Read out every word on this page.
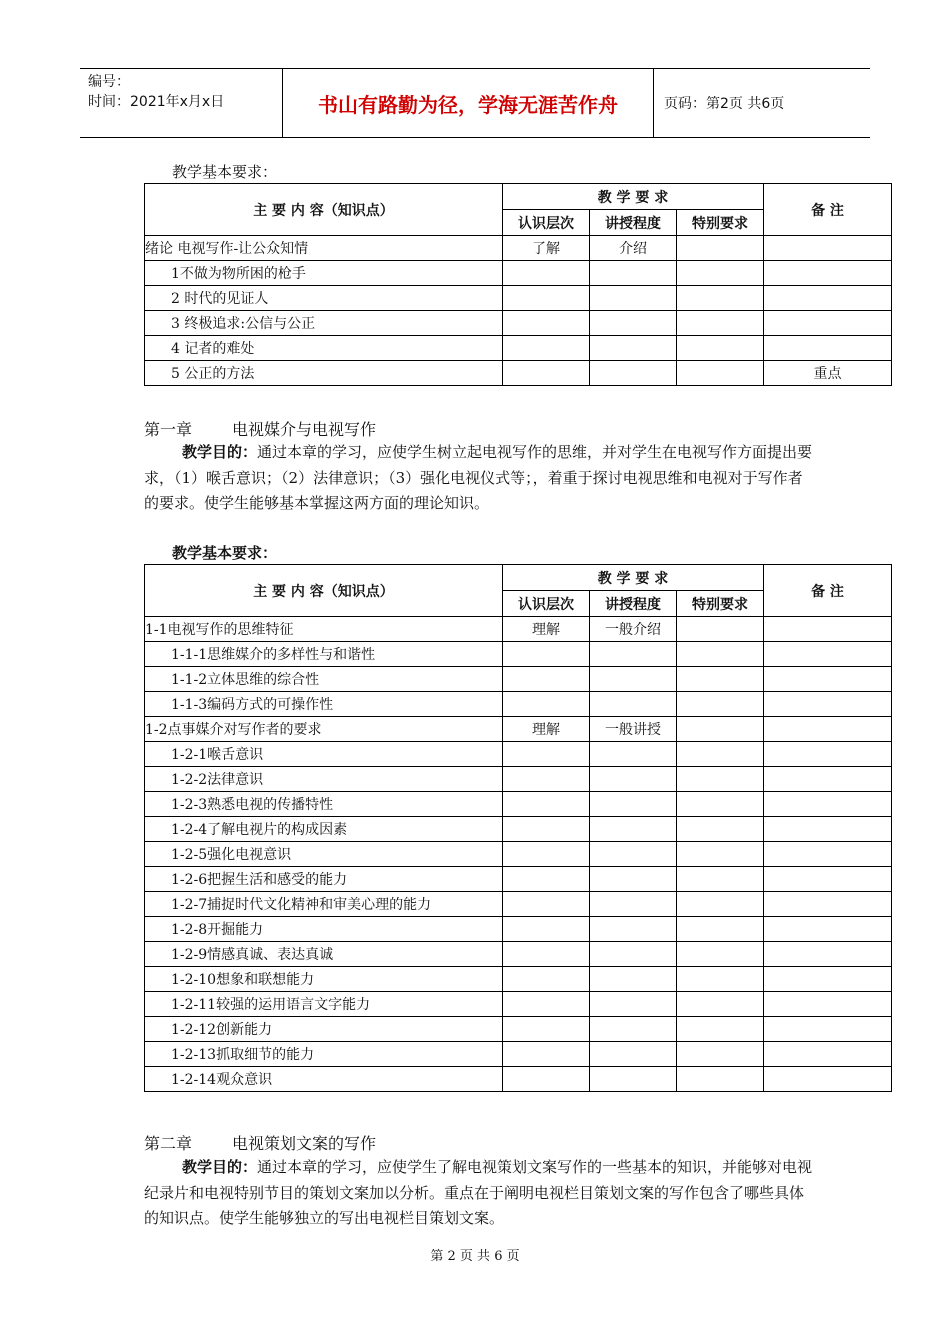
编号：
时间：2021年x月x日	书山有路勤为径，学海无涯苦作舟	页码：第2页 共6页
教学基本要求：
主 要 内 容（知识点）	教 学 要 求			备 注
	认识层次	讲授程度	特别要求	
绪论 电视写作-让公众知情	了解	介绍		
1不做为物所困的枪手				
2 时代的见证人				
3 终极追求:公信与公正				
4 记者的难处				
5 公正的方法				重点
第一章	电视媒介与电视写作
教学目的：通过本章的学习，应使学生树立起电视写作的思维，并对学生在电视写作方面提出要求，（1）喉舌意识；（2）法律意识；（3）强化电视仪式等；，着重于探讨电视思维和电视对于写作者的要求。使学生能够基本掌握这两方面的理论知识。
教学基本要求：
主 要 内 容（知识点）	教 学 要 求			备 注
	认识层次	讲授程度	特别要求	
1-1电视写作的思维特征	理解	一般介绍		
1-1-1思维媒介的多样性与和谐性				
1-1-2立体思维的综合性				
1-1-3编码方式的可操作性				
1-2点事媒介对写作者的要求	理解	一般讲授		
1-2-1喉舌意识				
1-2-2法律意识				
1-2-3熟悉电视的传播特性				
1-2-4了解电视片的构成因素				
1-2-5强化电视意识				
1-2-6把握生活和感受的能力				
1-2-7捕捉时代文化精神和审美心理的能力				
1-2-8开掘能力				
1-2-9情感真诚、表达真诚				
1-2-10想象和联想能力				
1-2-11较强的运用语言文字能力				
1-2-12创新能力				
1-2-13抓取细节的能力				
1-2-14观众意识				
第二章	电视策划文案的写作
教学目的：通过本章的学习，应使学生了解电视策划文案写作的一些基本的知识，并能够对电视纪录片和电视特别节目的策划文案加以分析。重点在于阐明电视栏目策划文案的写作包含了哪些具体的知识点。使学生能够独立的写出电视栏目策划文案。
第 2 页 共 6 页
